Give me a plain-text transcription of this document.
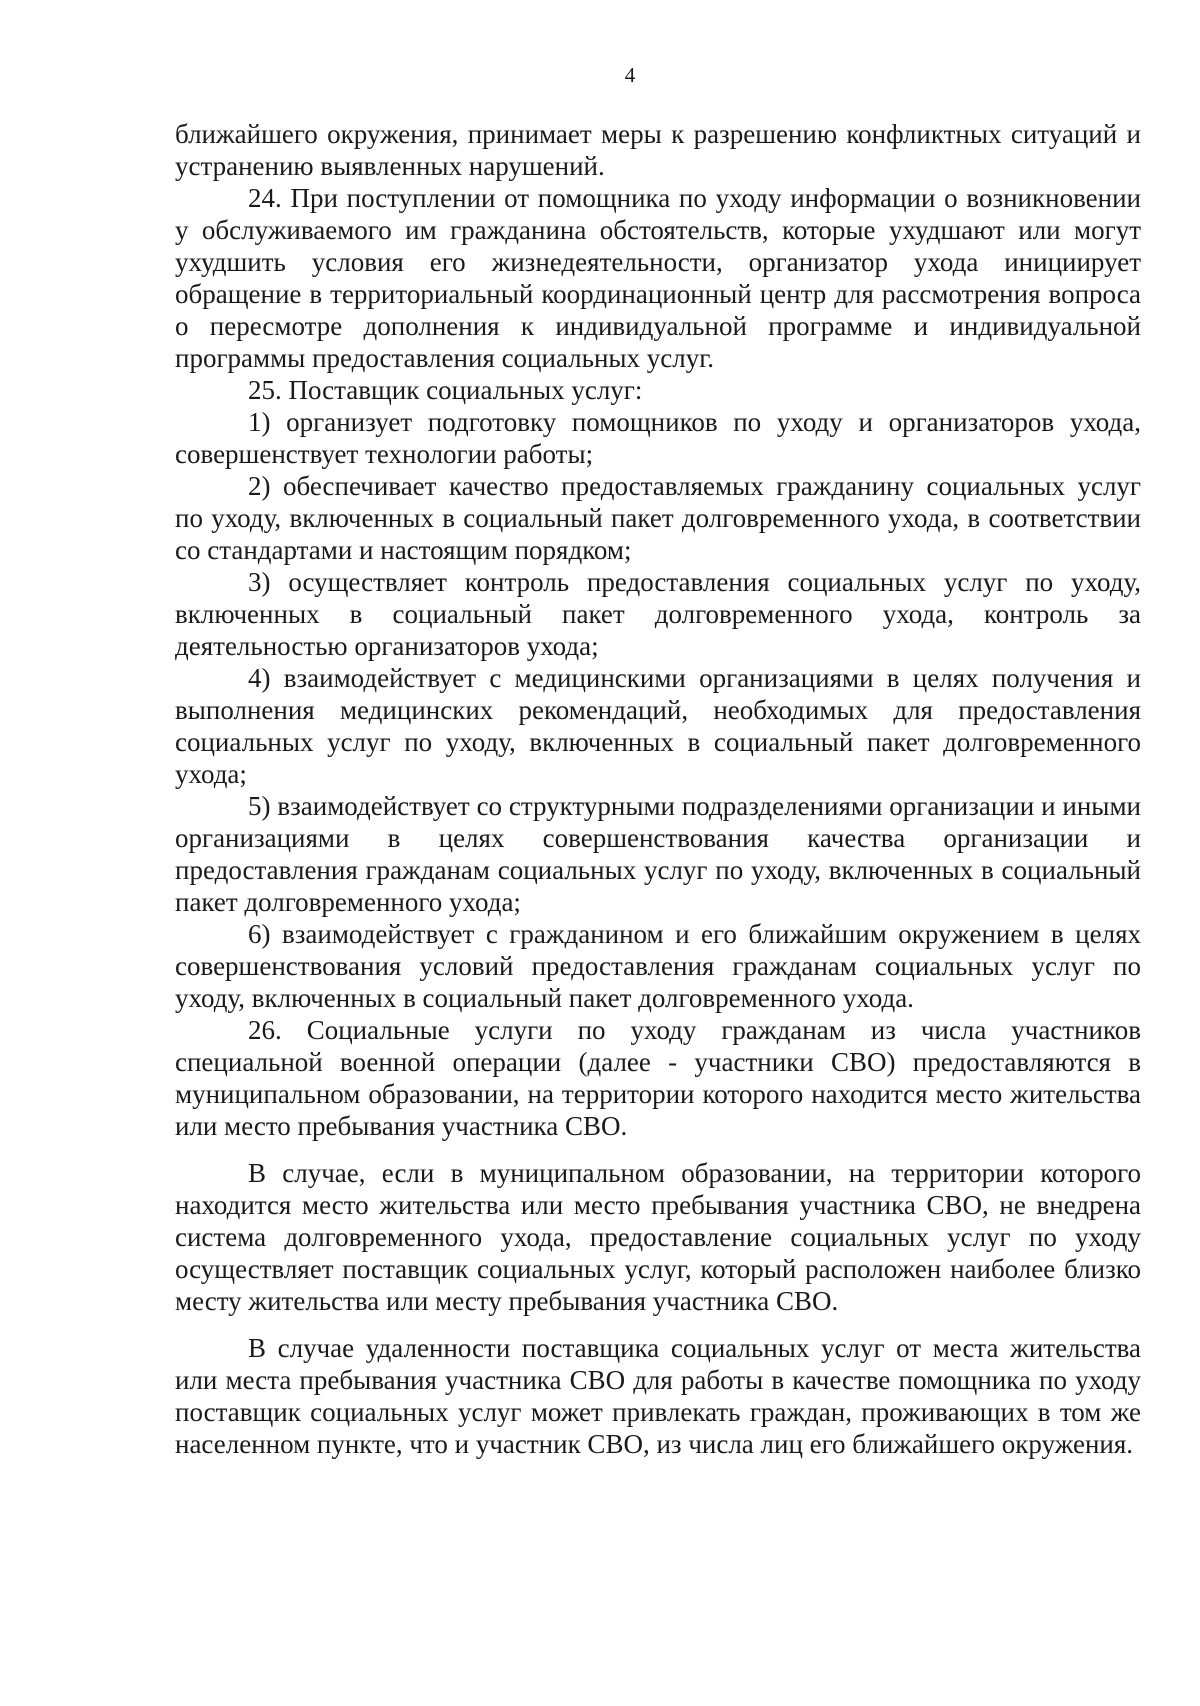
4

ближайшего окружения, принимает меры к разрешению конфликтных ситуаций и устранению выявленных нарушений.

24. При поступлении от помощника по уходу информации о возникновении у обслуживаемого им гражданина обстоятельств, которые ухудшают или могут ухудшить условия его жизнедеятельности, организатор ухода инициирует обращение в территориальный координационный центр для рассмотрения вопроса о пересмотре дополнения к индивидуальной программе и индивидуальной программы предоставления социальных услуг.

25. Поставщик социальных услуг:

1) организует подготовку помощников по уходу и организаторов ухода, совершенствует технологии работы;

2) обеспечивает качество предоставляемых гражданину социальных услуг по уходу, включенных в социальный пакет долговременного ухода, в соответствии со стандартами и настоящим порядком;

3) осуществляет контроль предоставления социальных услуг по уходу, включенных в социальный пакет долговременного ухода, контроль за деятельностью организаторов ухода;

4) взаимодействует с медицинскими организациями в целях получения и выполнения медицинских рекомендаций, необходимых для предоставления социальных услуг по уходу, включенных в социальный пакет долговременного ухода;

5) взаимодействует со структурными подразделениями организации и иными организациями в целях совершенствования качества организации и предоставления гражданам социальных услуг по уходу, включенных в социальный пакет долговременного ухода;

6) взаимодействует с гражданином и его ближайшим окружением в целях совершенствования условий предоставления гражданам социальных услуг по уходу, включенных в социальный пакет долговременного ухода.

26. Социальные услуги по уходу гражданам из числа участников специальной военной операции (далее - участники СВО) предоставляются в муниципальном образовании, на территории которого находится место жительства или место пребывания участника СВО.

В случае, если в муниципальном образовании, на территории которого находится место жительства или место пребывания участника СВО, не внедрена система долговременного ухода, предоставление социальных услуг по уходу осуществляет поставщик социальных услуг, который расположен наиболее близко месту жительства или месту пребывания участника СВО.

В случае удаленности поставщика социальных услуг от места жительства или места пребывания участника СВО для работы в качестве помощника по уходу поставщик социальных услуг может привлекать граждан, проживающих в том же населенном пункте, что и участник СВО, из числа лиц его ближайшего окружения.
